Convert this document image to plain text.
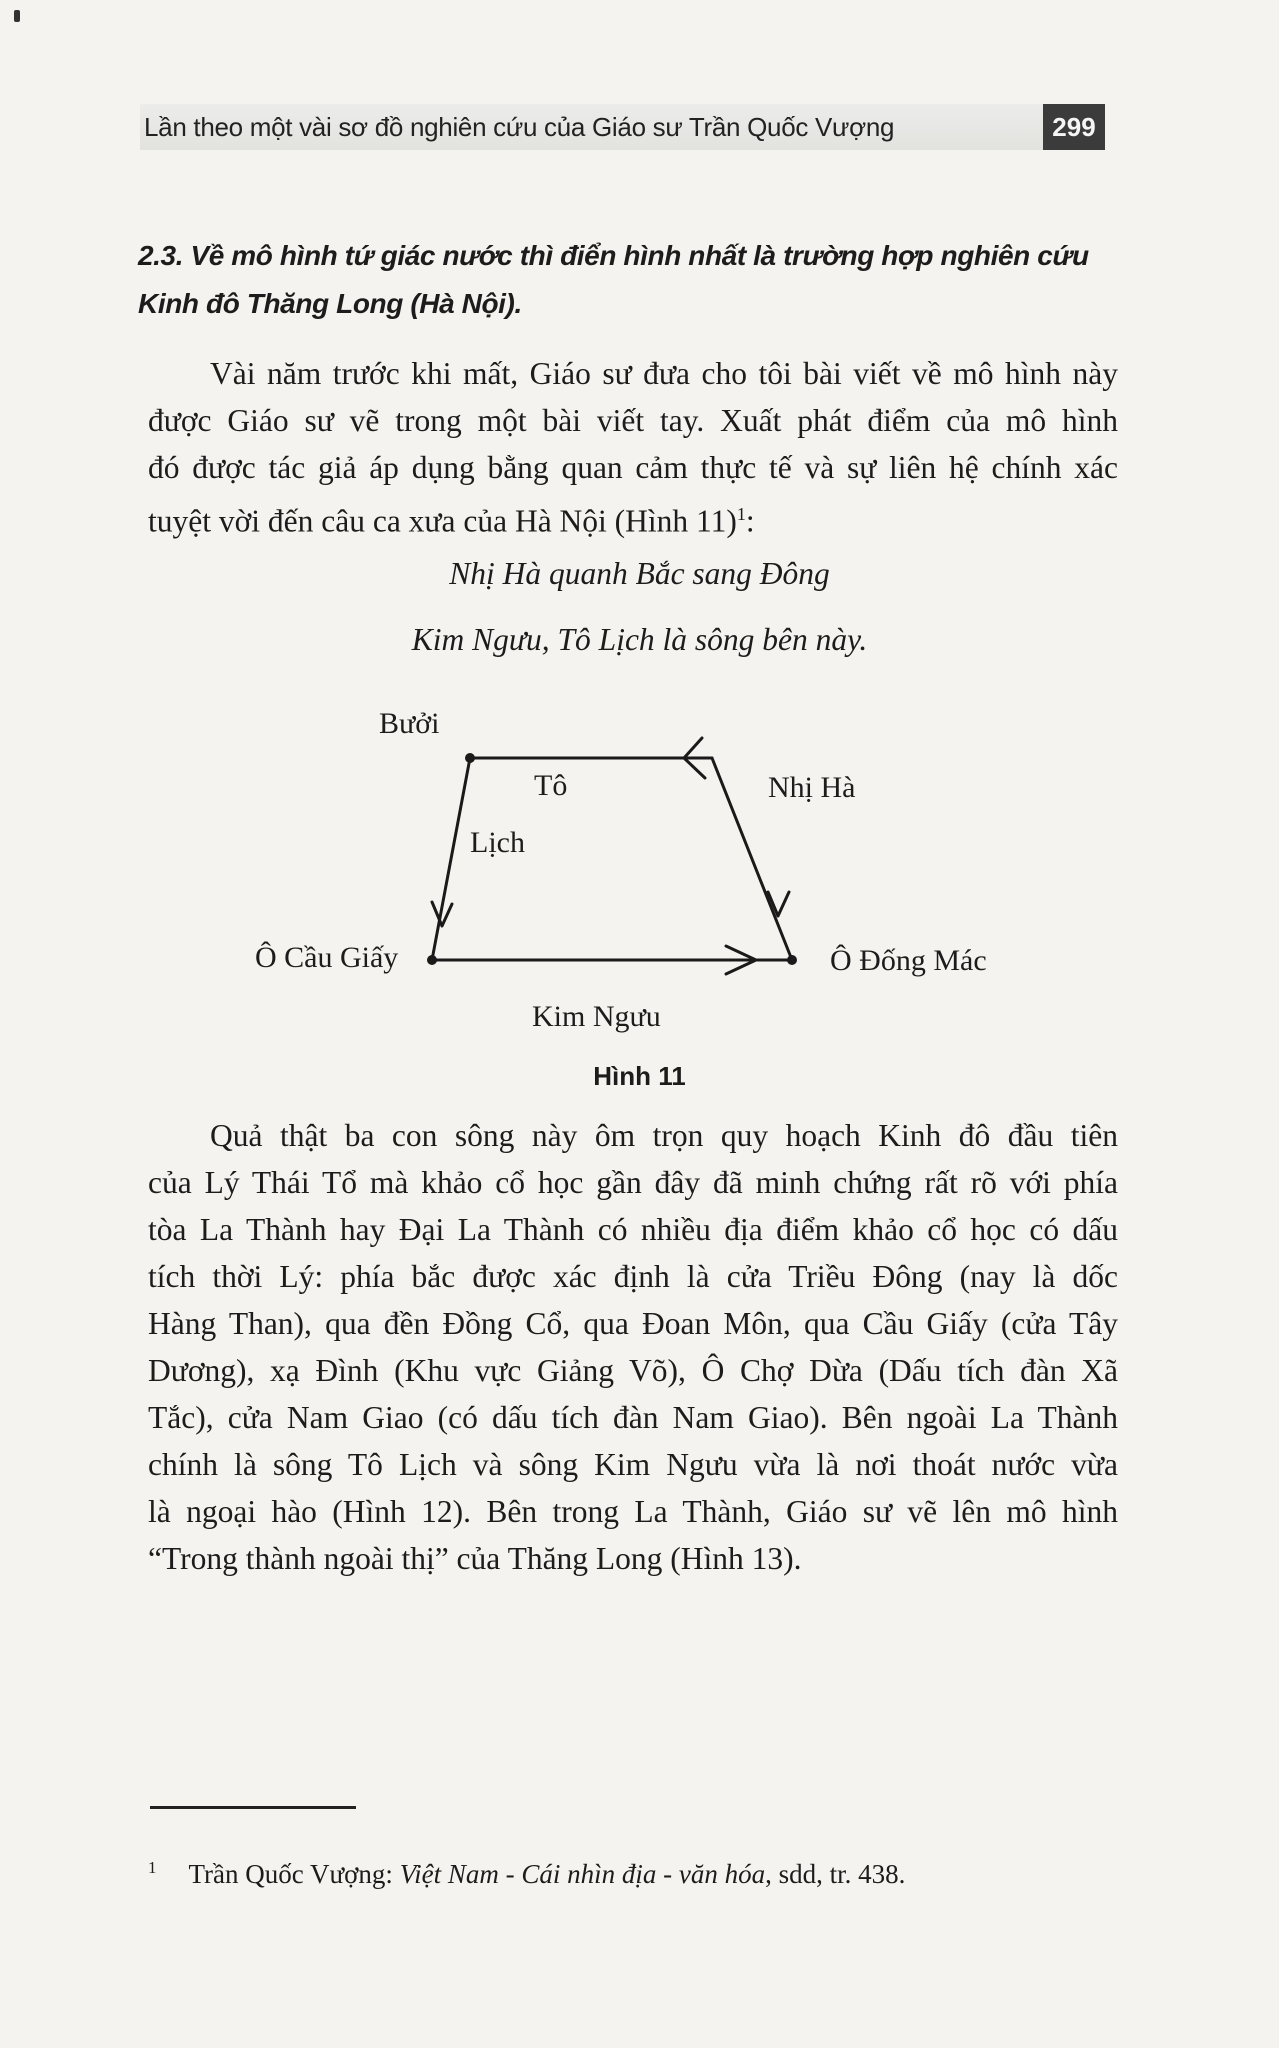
Lần theo một vài sơ đồ nghiên cứu của Giáo sư Trần Quốc Vượng	299
2.3. Về mô hình tứ giác nước thì điển hình nhất là trường hợp nghiên cứu
Kinh đô Thăng Long (Hà Nội).
Vài năm trước khi mất, Giáo sư đưa cho tôi bài viết về mô hình này
được Giáo sư vẽ trong một bài viết tay. Xuất phát điểm của mô hình
đó được tác giả áp dụng bằng quan cảm thực tế và sự liên hệ chính xác
tuyệt vời đến câu ca xưa của Hà Nội (Hình 11)$^1$:
Nhị Hà quanh Bắc sang Đông
Kim Ngưu, Tô Lịch là sông bên này.
Bưởi
Tô	Nhị Hà
Lịch
Ô Cầu Giấy	Ô Đống Mác
Kim Ngưu
Hình 11
Quả thật ba con sông này ôm trọn quy hoạch Kinh đô đầu tiên
của Lý Thái Tổ mà khảo cổ học gần đây đã minh chứng rất rõ với phía
tòa La Thành hay Đại La Thành có nhiều địa điểm khảo cổ học có dấu
tích thời Lý: phía bắc được xác định là cửa Triều Đông (nay là dốc
Hàng Than), qua đền Đồng Cổ, qua Đoan Môn, qua Cầu Giấy (cửa Tây
Dương), xạ Đình (Khu vực Giảng Võ), Ô Chợ Dừa (Dấu tích đàn Xã
Tắc), cửa Nam Giao (có dấu tích đàn Nam Giao). Bên ngoài La Thành
chính là sông Tô Lịch và sông Kim Ngưu vừa là nơi thoát nước vừa
là ngoại hào (Hình 12). Bên trong La Thành, Giáo sư vẽ lên mô hình
“Trong thành ngoài thị” của Thăng Long (Hình 13).
$^1$ Trần Quốc Vượng: Việt Nam - Cái nhìn địa - văn hóa, sdd, tr. 438.
